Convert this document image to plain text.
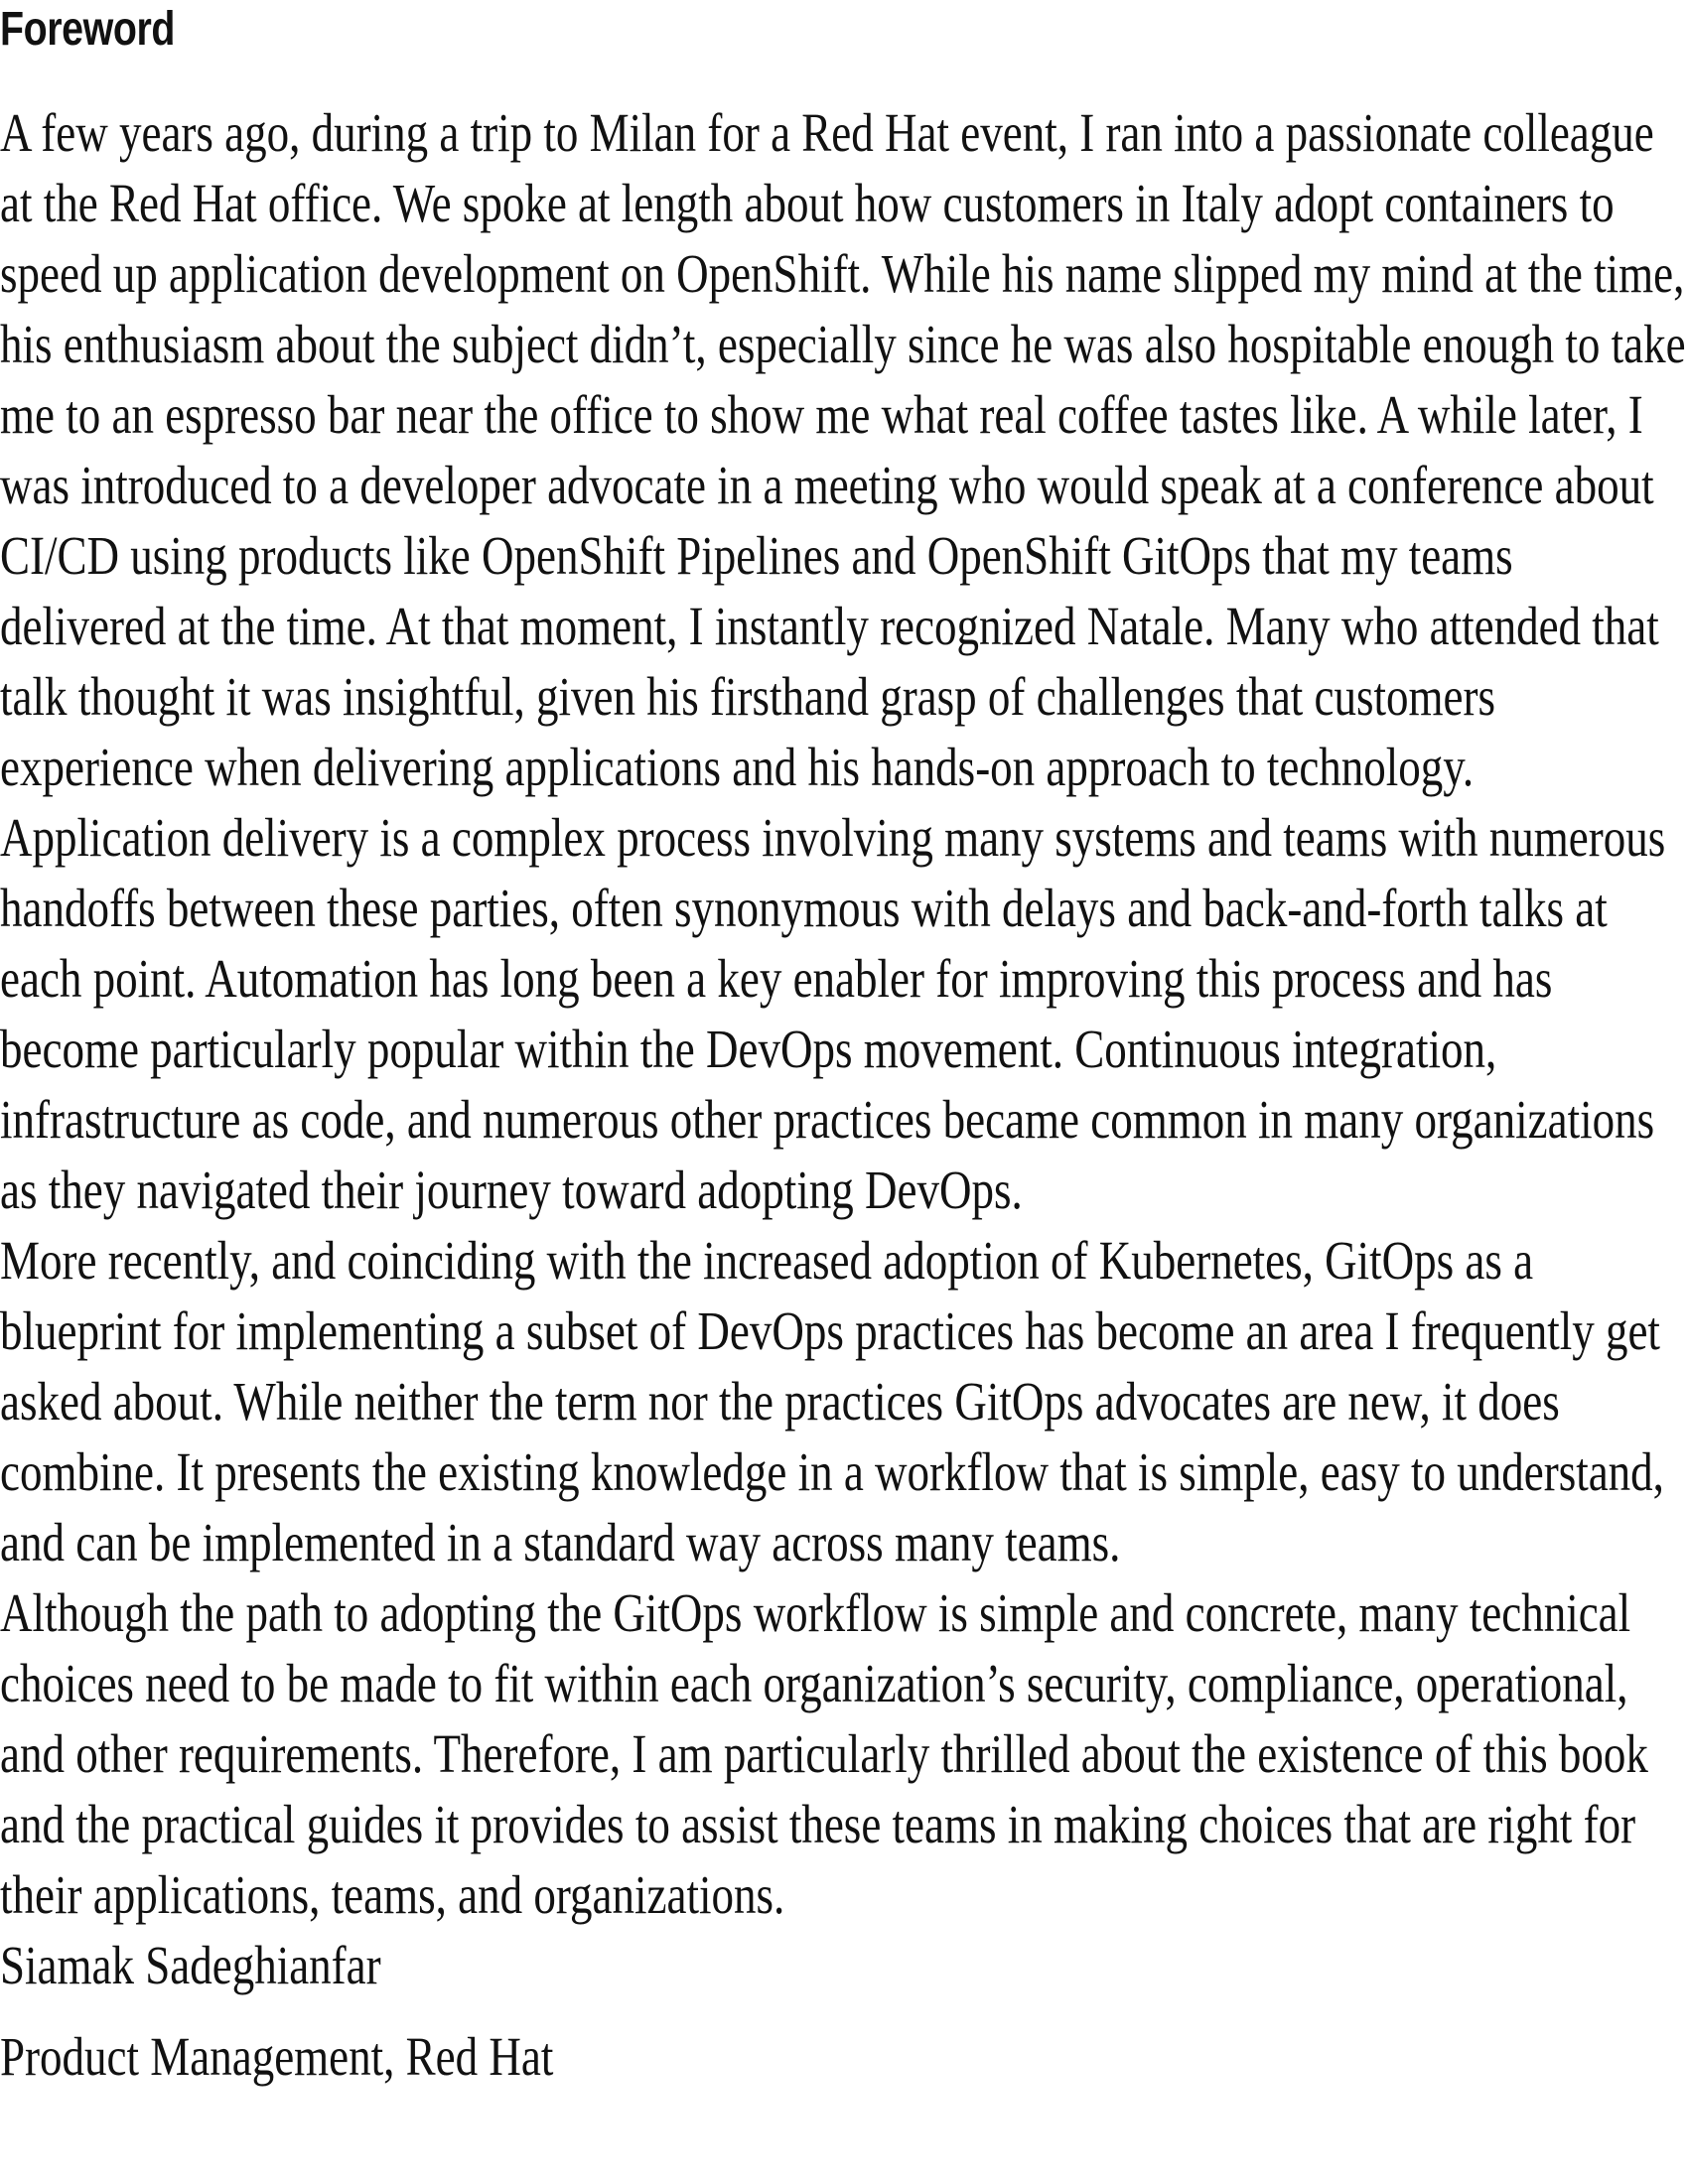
Foreword

A few years ago, during a trip to Milan for a Red Hat event, I ran into a passionate colleague at the Red Hat office. We spoke at length about how customers in Italy adopt containers to speed up application development on OpenShift. While his name slipped my mind at the time, his enthusiasm about the subject didn’t, especially since he was also hospitable enough to take me to an espresso bar near the office to show me what real coffee tastes like. A while later, I was introduced to a developer advocate in a meeting who would speak at a conference about CI/CD using products like OpenShift Pipelines and OpenShift GitOps that my teams delivered at the time. At that moment, I instantly recognized Natale. Many who attended that talk thought it was insightful, given his firsthand grasp of challenges that customers experience when delivering applications and his hands-on approach to technology.

Application delivery is a complex process involving many systems and teams with numerous handoffs between these parties, often synonymous with delays and back-and-forth talks at each point. Automation has long been a key enabler for improving this process and has become particularly popular within the DevOps movement. Continuous integration, infrastructure as code, and numerous other practices became common in many organizations as they navigated their journey toward adopting DevOps.

More recently, and coinciding with the increased adoption of Kubernetes, GitOps as a blueprint for implementing a subset of DevOps practices has become an area I frequently get asked about. While neither the term nor the practices GitOps advocates are new, it does combine. It presents the existing knowledge in a workflow that is simple, easy to understand, and can be implemented in a standard way across many teams.

Although the path to adopting the GitOps workflow is simple and concrete, many technical choices need to be made to fit within each organization’s security, compliance, operational, and other requirements. Therefore, I am particularly thrilled about the existence of this book and the practical guides it provides to assist these teams in making choices that are right for their applications, teams, and organizations.

Siamak Sadeghianfar
Product Management, Red Hat
